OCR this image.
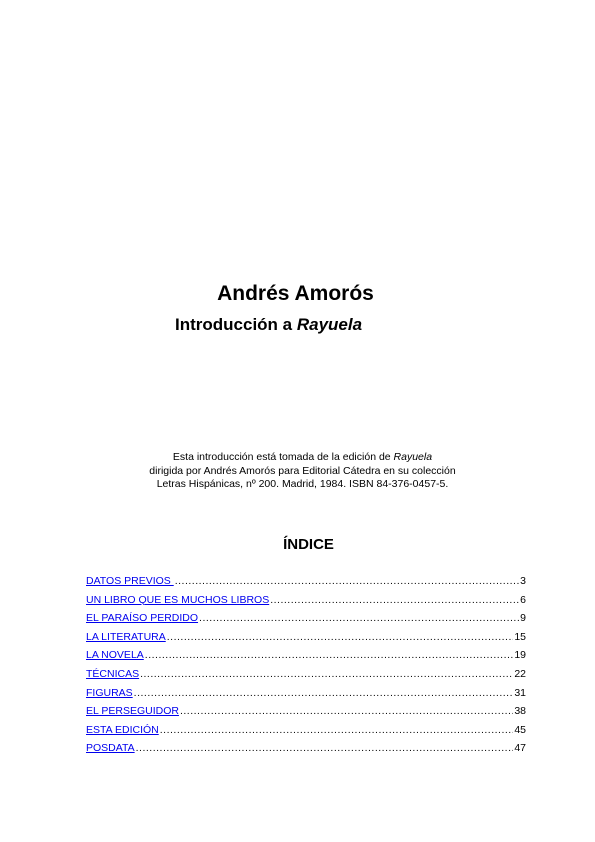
Andrés Amorós
Introducción a Rayuela
Esta introducción está tomada de la edición de Rayuela
dirigida por Andrés Amorós para Editorial Cátedra en su colección
Letras Hispánicas, nº 200. Madrid, 1984. ISBN 84-376-0457-5.
ÍNDICE
DATOS PREVIOS .....	3
UN LIBRO QUE ES MUCHOS LIBROS .....	6
EL PARAÍSO PERDIDO .....	9
LA LITERATURA .....	15
LA NOVELA .....	19
TÉCNICAS .....	22
FIGURAS .....	31
EL PERSEGUIDOR .....	38
ESTA EDICIÓN .....	45
POSDATA .....	47
